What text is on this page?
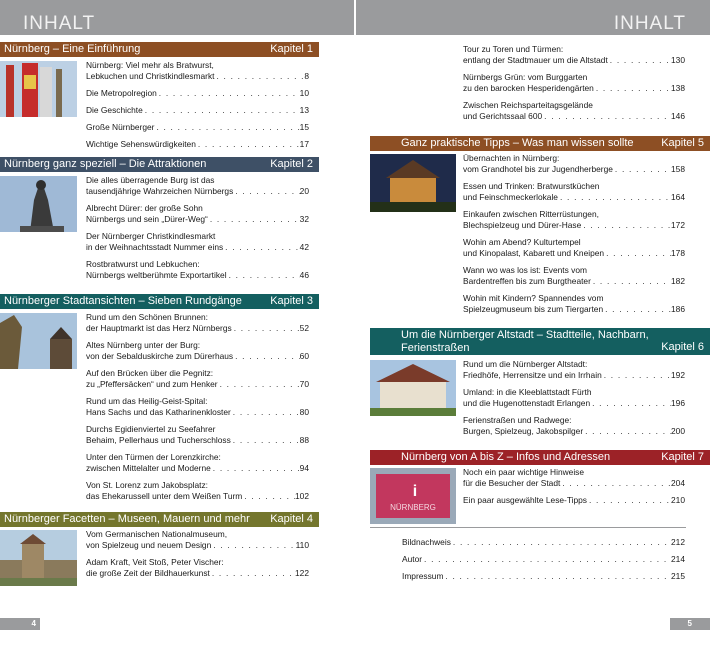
INHALT	INHALT
Nürnberg – Eine Einführung	Kapitel 1
Nürnberg: Viel mehr als Bratwurst,
Lebkuchen und Christkindlesmarkt . . .	8
Die Metropolregion . . .	10
Die Geschichte . . .	13
Große Nürnberger . . .	15
Wichtige Sehenswürdigkeiten . . .	17
Nürnberg ganz speziell – Die Attraktionen	Kapitel 2
Die alles überragende Burg ist das
tausendjährige Wahrzeichen Nürnbergs . . .	20
Albrecht Dürer: der große Sohn
Nürnbergs und sein „Dürer-Weg“ . . .	32
Der Nürnberger Christkindlesmarkt
in der Weihnachtsstadt Nummer eins . . .	42
Rostbratwurst und Lebkuchen:
Nürnbergs weltberühmte Exportartikel . . .	46
Nürnberger Stadtansichten – Sieben Rundgänge	Kapitel 3
Rund um den Schönen Brunnen:
der Hauptmarkt ist das Herz Nürnbergs . . .	52
Altes Nürnberg unter der Burg:
von der Sebalduskirche zum Dürerhaus . . .	60
Auf den Brücken über die Pegnitz:
zu „Pfeffersäcken“ und zum Henker . . .	70
Rund um das Heilig-Geist-Spital:
Hans Sachs und das Katharinenkloster . . .	80
Durchs Egidienviertel zu Seefahrer
Behaim, Pellerhaus und Tucherschloss . . .	88
Unter den Türmen der Lorenzkirche:
zwischen Mittelalter und Moderne . . .	94
Von St. Lorenz zum Jakobsplatz:
das Ehekarussell unter dem Weißen Turm . . .	102
Nürnberger Facetten – Museen, Mauern und mehr Kapitel 4
Vom Germanischen Nationalmuseum,
von Spielzeug und neuem Design . . .	110
Adam Kraft, Veit Stoß, Peter Vischer:
die große Zeit der Bildhauerkunst . . .	122
Tour zu Toren und Türmen:
entlang der Stadtmauer um die Altstadt . . .	130
Nürnbergs Grün: vom Burggarten
zu den barocken Hesperidengärten . . .	138
Zwischen Reichsparteitagsgelände
und Gerichtssaal 600 . . .	146
Ganz praktische Tipps – Was man wissen sollte	Kapitel 5
Übernachten in Nürnberg:
vom Grandhotel bis zur Jugendherberge . . .	158
Essen und Trinken: Bratwurstküchen
und Feinschmeckerlokale . . .	164
Einkaufen zwischen Ritterrüstungen,
Blechspielzeug und Dürer-Hase . . .	172
Wohin am Abend? Kulturtempel
und Kinopalast, Kabarett und Kneipen . . .	178
Wann wo was los ist: Events vom
Bardentreffen bis zum Burgtheater . . .	182
Wohin mit Kindern? Spannendes vom
Spielzeugmuseum bis zum Tiergarten . . .	186
Um die Nürnberger Altstadt – Stadtteile, Nachbarn, Ferienstraßen	Kapitel 6
Rund um die Nürnberger Altstadt:
Friedhöfe, Herrensitze und ein Irrhain . . .	192
Umland: in die Kleeblattstadt Fürth
und die Hugenottenstadt Erlangen . . .	196
Ferienstraßen und Radwege:
Burgen, Spielzeug, Jakobspilger . . .	200
Nürnberg von A bis Z – Infos und Adressen	Kapitel 7
i
NÜRNBERG
Noch ein paar wichtige Hinweise
für die Besucher der Stadt . . .	204
Ein paar ausgewählte Lese-Tipps . . .	210
Bildnachweis . . .	212
Autor . . .	214
Impressum . . .	215
4	5
